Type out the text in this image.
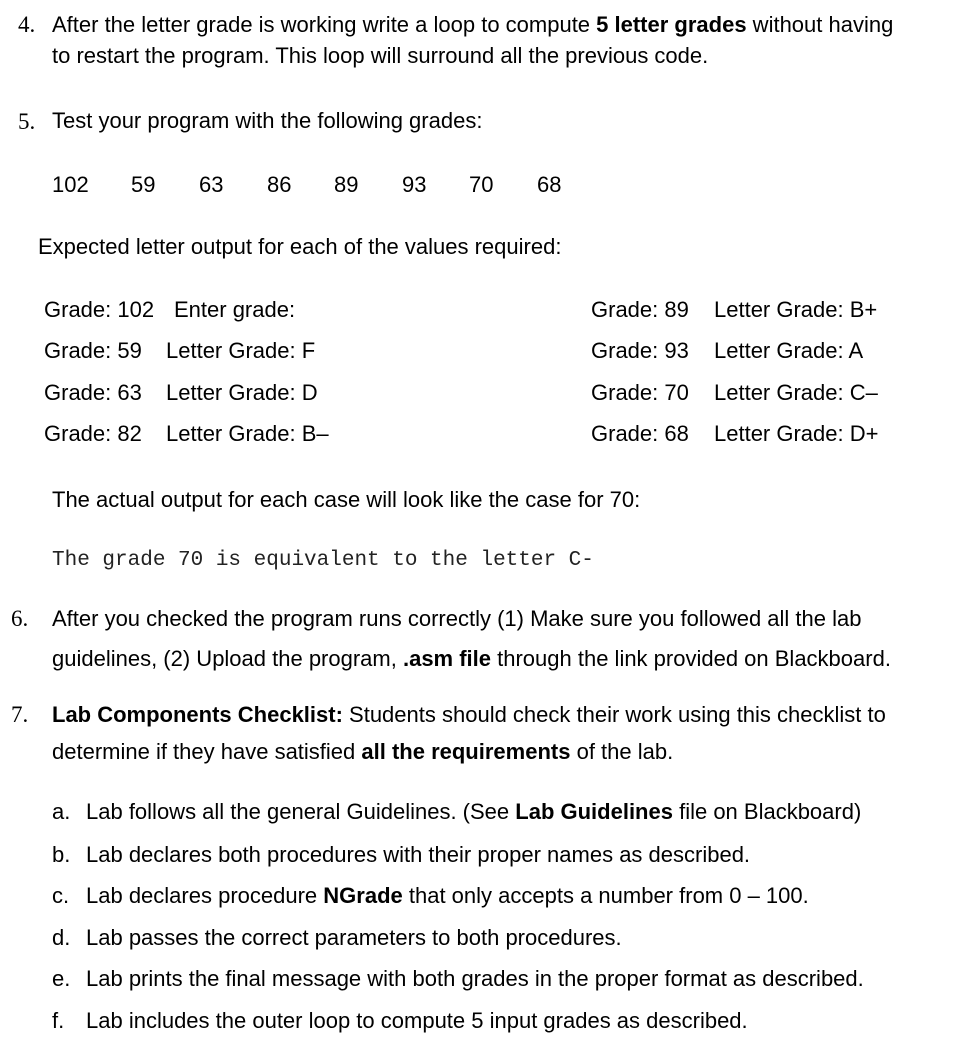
4. After the letter grade is working write a loop to compute 5 letter grades without having
to restart the program. This loop will surround all the previous code.
5. Test your program with the following grades:
102 59 63 86 89 93 70 68
Expected letter output for each of the values required:
Grade: 102 Enter grade:
Grade: 59 Letter Grade: F
Grade: 63 Letter Grade: D
Grade: 82 Letter Grade: B–
Grade: 89 Letter Grade: B+
Grade: 93 Letter Grade: A
Grade: 70 Letter Grade: C–
Grade: 68 Letter Grade: D+
The actual output for each case will look like the case for 70:
The grade 70 is equivalent to the letter C-
6. After you checked the program runs correctly (1) Make sure you followed all the lab
guidelines, (2) Upload the program, .asm file through the link provided on Blackboard.
7. Lab Components Checklist: Students should check their work using this checklist to
determine if they have satisfied all the requirements of the lab.
a. Lab follows all the general Guidelines. (See Lab Guidelines file on Blackboard)
b. Lab declares both procedures with their proper names as described.
c. Lab declares procedure NGrade that only accepts a number from 0 – 100.
d. Lab passes the correct parameters to both procedures.
e. Lab prints the final message with both grades in the proper format as described.
f. Lab includes the outer loop to compute 5 input grades as described.
